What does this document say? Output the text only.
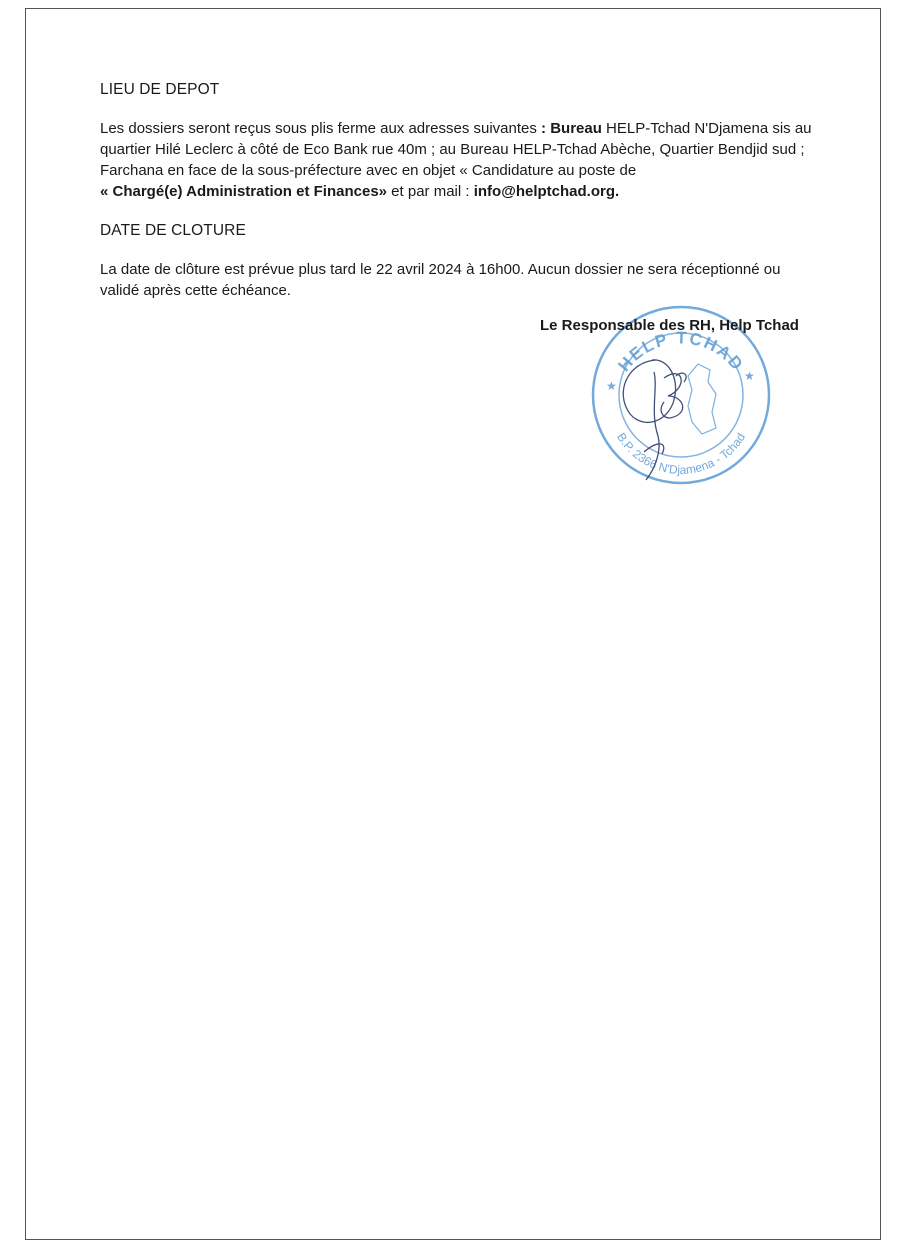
LIEU DE DEPOT

Les dossiers seront reçus sous plis ferme aux adresses suivantes : Bureau HELP-Tchad N'Djamena sis au quartier Hilé Leclerc à côté de Eco Bank rue 40m ; au Bureau HELP-Tchad Abèche, Quartier Bendjid sud ; Farchana en face de la sous-préfecture avec en objet « Candidature au poste de
« Chargé(e) Administration et Finances» et par mail : info@helptchad.org.

DATE DE CLOTURE

La date de clôture est prévue plus tard le 22 avril 2024 à 16h00. Aucun dossier ne sera réceptionné ou validé après cette échéance.

Le Responsable des RH, Help Tchad

HELP TCHAD
B.P. 2366 N'Djamena - Tchad
★
★
